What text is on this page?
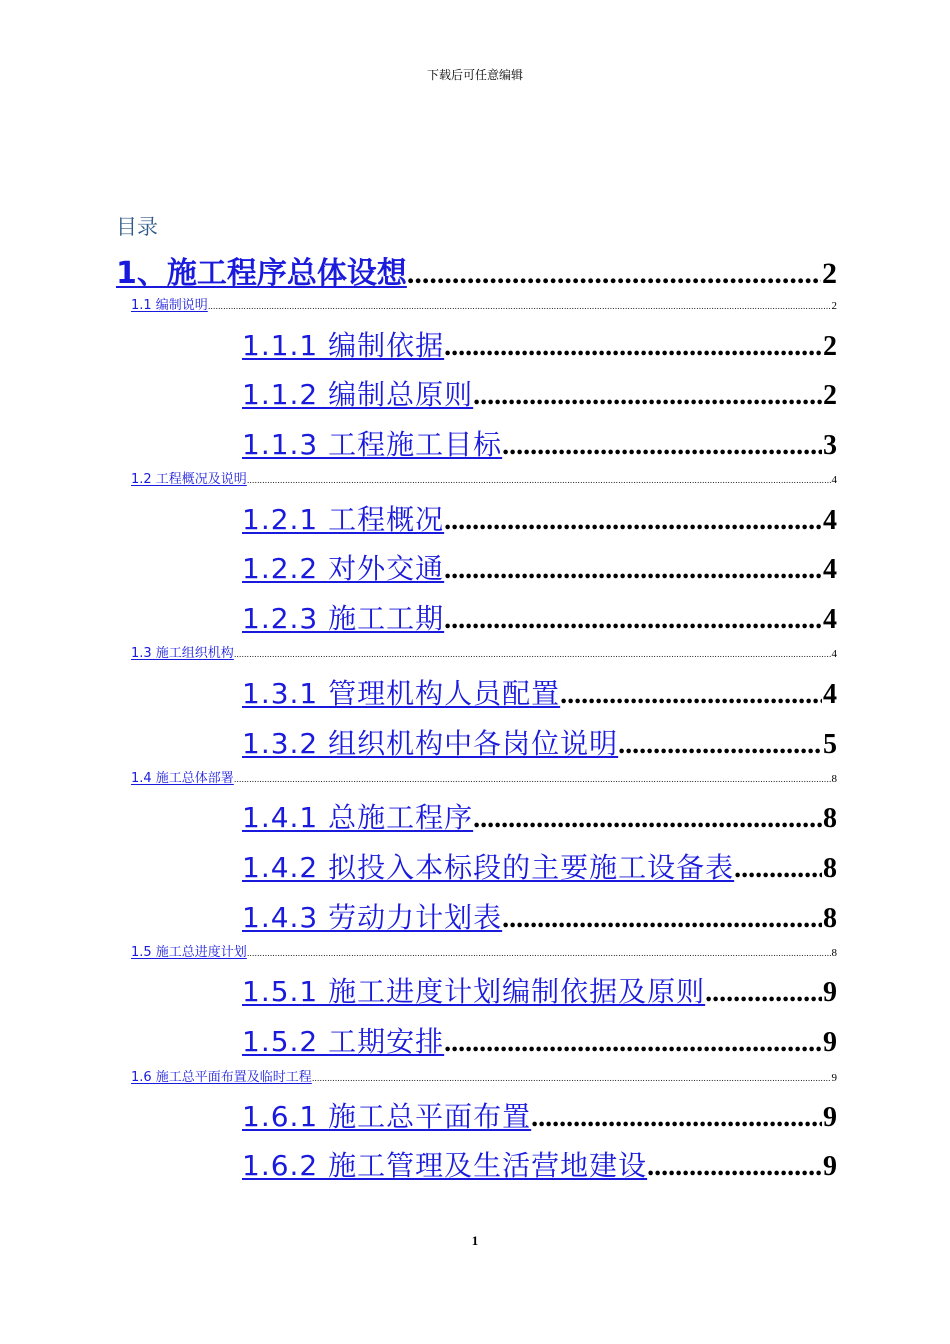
下载后可任意编辑
目录
1、施工程序总体设想 .....	2
1.1 编制说明 .....	2
1.1.1 编制依据 .....	2
1.1.2 编制总原则 .....	2
1.1.3 工程施工目标 .....	3
1.2 工程概况及说明 .....	4
1.2.1 工程概况 .....	4
1.2.2 对外交通 .....	4
1.2.3 施工工期 .....	4
1.3 施工组织机构 .....	4
1.3.1 管理机构人员配置 .....	4
1.3.2 组织机构中各岗位说明 .....	5
1.4 施工总体部署 .....	8
1.4.1 总施工程序 .....	8
1.4.2 拟投入本标段的主要施工设备表 .....	8
1.4.3 劳动力计划表 .....	8
1.5 施工总进度计划 .....	8
1.5.1 施工进度计划编制依据及原则 .....	9
1.5.2 工期安排 .....	9
1.6 施工总平面布置及临时工程 .....	9
1.6.1 施工总平面布置 .....	9
1.6.2 施工管理及生活营地建设 .....	9
1
